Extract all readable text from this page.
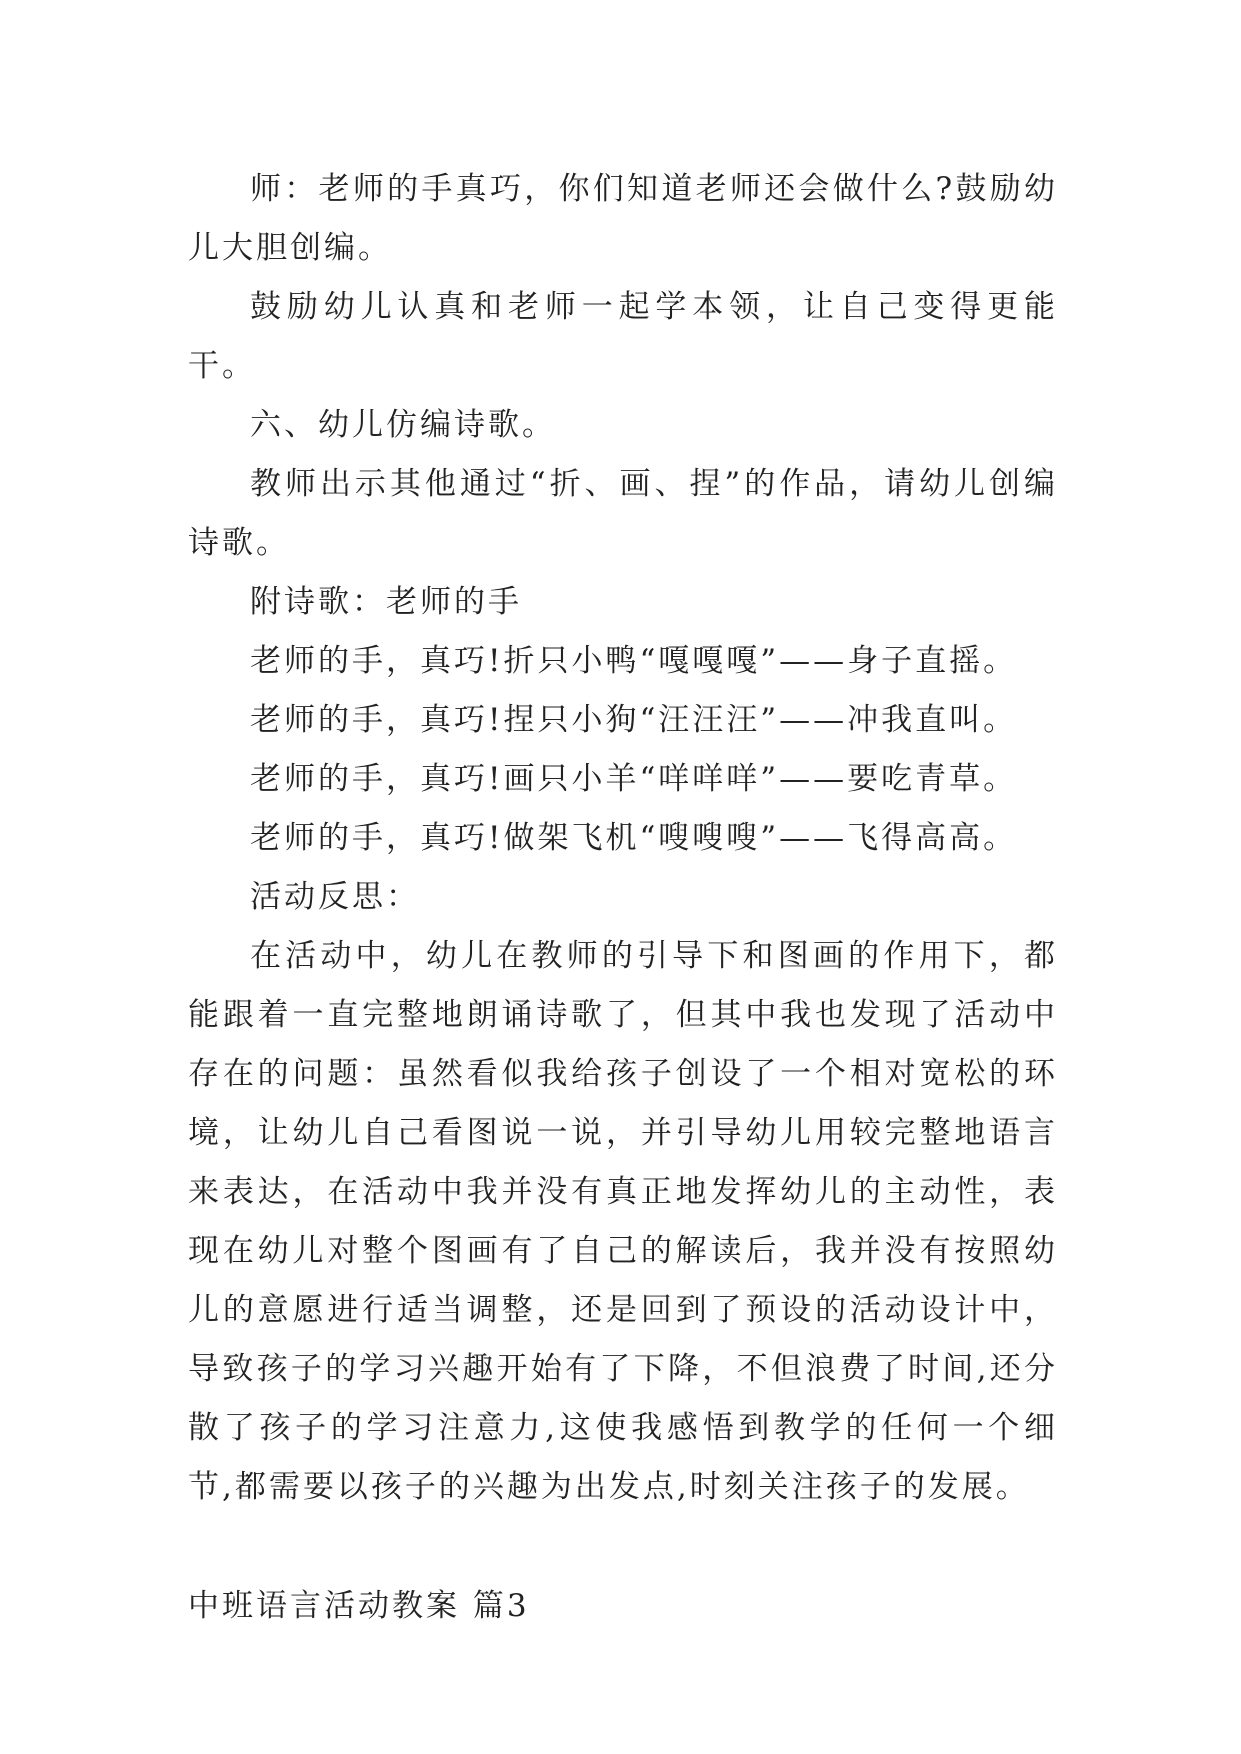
师：老师的手真巧，你们知道老师还会做什么?鼓励幼儿大胆创编。

鼓励幼儿认真和老师一起学本领，让自己变得更能干。

六、幼儿仿编诗歌。

教师出示其他通过“折、画、捏”的作品，请幼儿创编诗歌。

附诗歌：老师的手

老师的手，真巧!折只小鸭“嘎嘎嘎”——身子直摇。

老师的手，真巧!捏只小狗“汪汪汪”——冲我直叫。

老师的手，真巧!画只小羊“咩咩咩”——要吃青草。

老师的手，真巧!做架飞机“嗖嗖嗖”——飞得高高。

活动反思：

在活动中，幼儿在教师的引导下和图画的作用下，都能跟着一直完整地朗诵诗歌了，但其中我也发现了活动中存在的问题：虽然看似我给孩子创设了一个相对宽松的环境，让幼儿自己看图说一说，并引导幼儿用较完整地语言来表达，在活动中我并没有真正地发挥幼儿的主动性，表现在幼儿对整个图画有了自己的解读后，我并没有按照幼儿的意愿进行适当调整，还是回到了预设的活动设计中，导致孩子的学习兴趣开始有了下降，不但浪费了时间,还分散了孩子的学习注意力,这使我感悟到教学的任何一个细节,都需要以孩子的兴趣为出发点,时刻关注孩子的发展。

中班语言活动教案 篇3
